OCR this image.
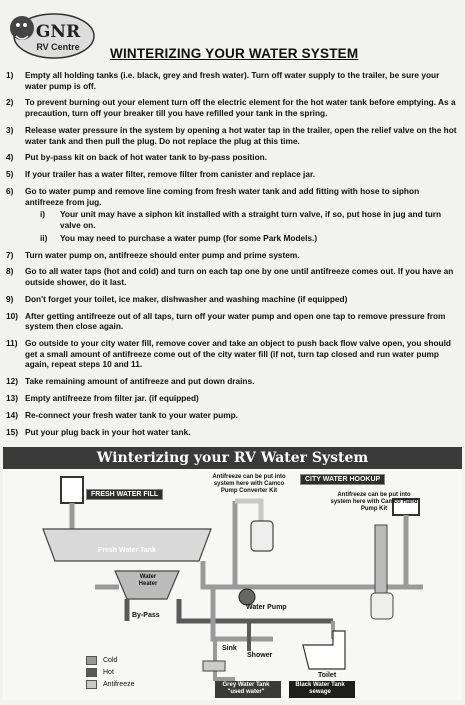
GNR
RV Centre WINTERIZING YOUR WATER SYSTEM
1)	Empty all holding tanks (i.e. black, grey and fresh water). Turn off water supply to the trailer, be sure your water pump is off.
2)	To prevent burning out your element turn off the electric element for the hot water tank before emptying. As a precaution, turn off your breaker till you have refilled your tank in the spring.
3)	Release water pressure in the system by opening a hot water tap in the trailer, open the relief valve on the hot water tank and then pull the plug. Do not replace the plug at this time.
4)	Put by-pass kit on back of hot water tank to by-pass position.
5)	If your trailer has a water filter, remove filter from canister and replace jar.
6)	Go to water pump and remove line coming from fresh water tank and add fitting with hose to siphon antifreeze from jug.
i)	Your unit may have a siphon kit installed with a straight turn valve, if so, put hose in jug and turn valve on.
ii)	You may need to purchase a water pump (for some Park Models.)
7)	Turn water pump on, antifreeze should enter pump and prime system.
8)	Go to all water taps (hot and cold) and turn on each tap one by one until antifreeze comes out. If you have an outside shower, do it last.
9)	Don't forget your toilet, ice maker, dishwasher and washing machine (if equipped)
10) After getting antifreeze out of all taps, turn off your water pump and open one tap to remove pressure from system then close again.
11) Go outside to your city water fill, remove cover and take an object to push back flow valve open, you should get a small amount of antifreeze come out of the city water fill (if not, turn tap closed and run water pump again, repeat steps 10 and 11.
12) Take remaining amount of antifreeze and put down drains.
13) Empty antifreeze from filter jar. (if equipped)
14) Re-connect your fresh water tank to your water pump.
15) Put your plug back in your hot water tank.
Winterizing your RV Water System
FRESH WATER FILL
CITY WATER HOOKUP
Antifreeze can be put into system here with Camco Pump Converter Kit
Antifreeze can be put into system here with Camco Hand Pump Kit
Fresh Water Tank
Water Heater
By-Pass
Water Pump
Sink
Shower
Toilet
Grey Water Tank
"used water"
Black Water Tank
sewage
Cold
Hot
Antifreeze
